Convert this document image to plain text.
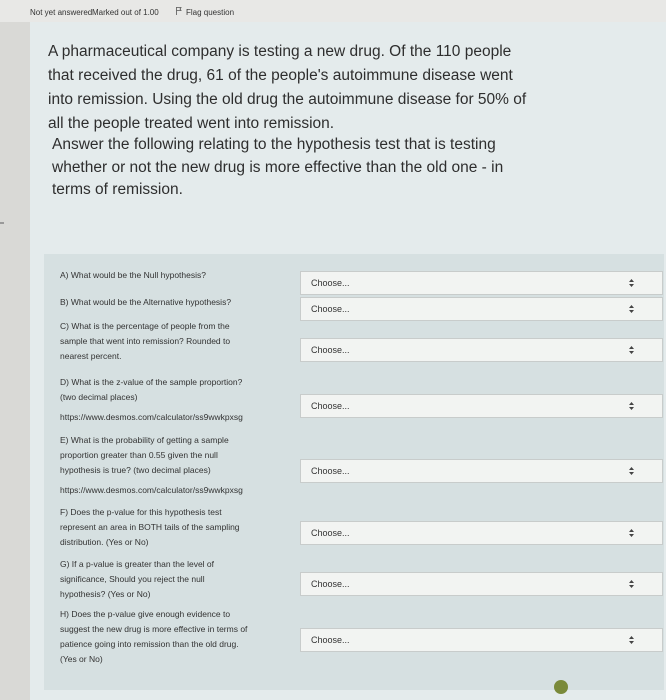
Not yet answered Marked out of 1.00	Flag question

A pharmaceutical company is testing a new drug. Of the 110 people that received the drug, 61 of the people's autoimmune disease went into remission. Using the old drug the autoimmune disease for 50% of all the people treated went into remission.

Answer the following relating to the hypothesis test that is testing whether or not the new drug is more effective than the old one - in terms of remission.

A) What would be the Null hypothesis?
Choose...
B) What would be the Alternative hypothesis?
Choose...
C) What is the percentage of people from the
sample that went into remission? Rounded to
nearest percent.
Choose...
D) What is the z-value of the sample proportion?
(two decimal places)

https://www.desmos.com/calculator/ss9wwkpxsg
Choose...
E) What is the probability of getting a sample
proportion greater than 0.55 given the null
hypothesis is true? (two decimal places)

https://www.desmos.com/calculator/ss9wwkpxsg
Choose...
F) Does the p-value for this hypothesis test
represent an area in BOTH tails of the sampling
distribution. (Yes or No)
Choose...
G) If a p-value is greater than the level of
significance, Should you reject the null
hypothesis? (Yes or No)
Choose...
H) Does the p-value give enough evidence to
suggest the new drug is more effective in terms of
patience going into remission than the old drug.
(Yes or No)
Choose...
